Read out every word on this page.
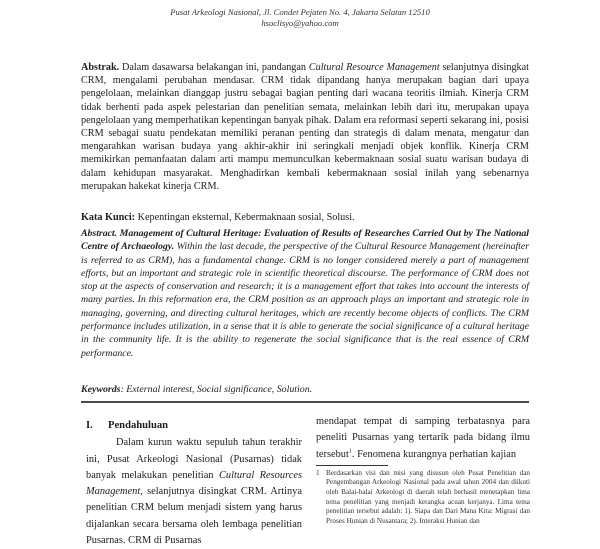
Pusat Arkeologi Nasional, Jl. Condet Pejaten No. 4, Jakarta Selatan 12510
hsoclisyo@yahoo.com
Abstrak. Dalam dasawarsa belakangan ini, pandangan Cultural Resource Management selanjutnya disingkat CRM, mengalami perubahan mendasar. CRM tidak dipandang hanya merupakan bagian dari upaya pengelolaan, melainkan dianggap justru sebagai bagian penting dari wacana teoritis ilmiah. Kinerja CRM tidak berhenti pada aspek pelestarian dan penelitian semata, melainkan lebih dari itu, merupakan upaya pengelolaan yang memperhatikan kepentingan banyak pihak. Dalam era reformasi seperti sekarang ini, posisi CRM sebagai suatu pendekatan memiliki peranan penting dan strategis di dalam menata, mengatur dan mengarahkan warisan budaya yang akhir-akhir ini seringkali menjadi objek konflik. Kinerja CRM memikirkan pemanfaatan dalam arti mampu memunculkan kebermaknaan sosial suatu warisan budaya di dalam kehidupan masyarakat. Menghadirkan kembali kebermaknaan sosial inilah yang sebenarnya merupakan hakekat kinerja CRM.
Kata Kunci: Kepentingan eksternal, Kebermaknaan sosial, Solusi.
Abstract. Management of Cultural Heritage: Evaluation of Results of Researches Carried Out by The National Centre of Archaeology. Within the last decade, the perspective of the Cultural Resource Management (hereinafter is referred to as CRM), has a fundamental change. CRM is no longer considered merely a part of management efforts, but an important and strategic role in scientific theoretical discourse. The performance of CRM does not stop at the aspects of conservation and research; it is a management effort that takes into account the interests of many parties. In this reformation era, the CRM position as an approach plays an important and strategic role in managing, governing, and directing cultural heritages, which are recently become objects of conflicts. The CRM performance includes utilization, in a sense that it is able to generate the social significance of a cultural heritage in the community life. It is the ability to regenerate the social significance that is the real essence of CRM performance.
Keywords: External interest, Social significance, Solution.
I.	Pendahuluan
Dalam kurun waktu sepuluh tahun terakhir ini, Pusat Arkeologi Nasional (Pusarnas) tidak banyak melakukan penelitian Cultural Resources Management, selanjutnya disingkat CRM. Artinya penelitian CRM belum menjadi sistem yang harus dijalankan secara bersama oleh lembaga penelitian Pusarnas. CRM di Pusarnas
mendapat tempat di samping terbatasnya para peneliti Pusarnas yang tertarik pada bidang ilmu tersebut$^1$. Fenomena kurangnya perhatian kajian
1 Berdasarkan visi dan misi yang disusun oleh Pusat Penelitian dan Pengembangan Arkeologi Nasional pada awal tahun 2004 dan diikuti oleh Balai-balai Arkeologi di daerah telah berhasil menetapkan lima tema penelitian yang menjadi kerangka acuan kerjanya. Lima tema penelitian tersebut adalah: 1). Siapa dan Dari Mana Kita: Migrasi dan Proses Hunian di Nusantara; 2). Interaksi Hunian dan
